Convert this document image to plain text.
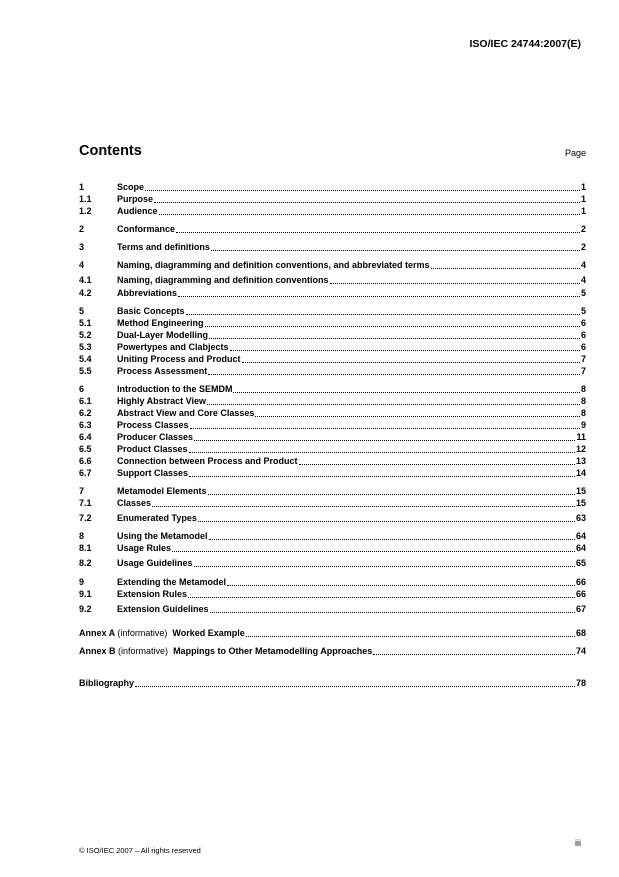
ISO/IEC 24744:2007(E)
Contents	Page
1	Scope	1
1.1	Purpose	1
1.2	Audience	1
2	Conformance	2
3	Terms and definitions	2
4	Naming, diagramming and definition conventions, and abbreviated terms	4
4.1	Naming, diagramming and definition conventions	4
4.2	Abbreviations	5
5	Basic Concepts	5
5.1	Method Engineering	6
5.2	Dual-Layer Modelling	6
5.3	Powertypes and Clabjects	6
5.4	Uniting Process and Product	7
5.5	Process Assessment	7
6	Introduction to the SEMDM	8
6.1	Highly Abstract View	8
6.2	Abstract View and Core Classes	8
6.3	Process Classes	9
6.4	Producer Classes	11
6.5	Product Classes	12
6.6	Connection between Process and Product	13
6.7	Support Classes	14
7	Metamodel Elements	15
7.1	Classes	15
7.2	Enumerated Types	63
8	Using the Metamodel	64
8.1	Usage Rules	64
8.2	Usage Guidelines	65
9	Extending the Metamodel	66
9.1	Extension Rules	66
9.2	Extension Guidelines	67
Annex A (informative) Worked Example	68
Annex B (informative) Mappings to Other Metamodelling Approaches	74
Bibliography	78
© ISO/IEC 2007 – All rights reserved
iii
